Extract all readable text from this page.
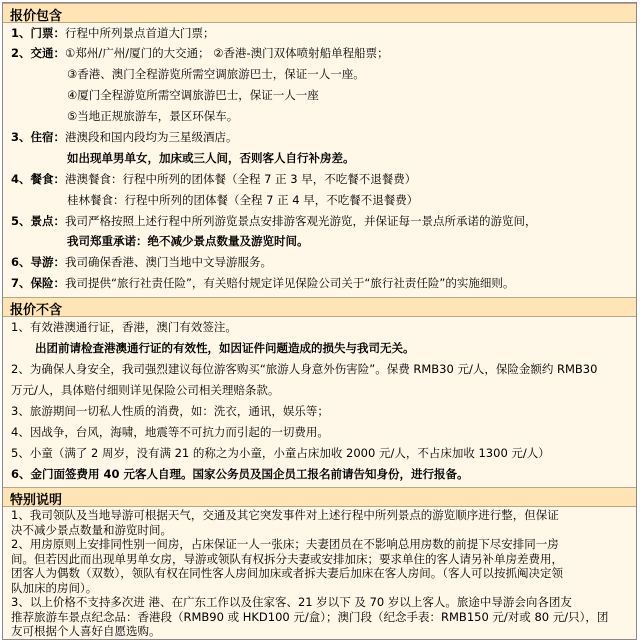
报价包含
1、门票：行程中所列景点首道大门票；
2、交通：①郑州/广州/厦门的大交通； ②香港-澳门双体喷射船单程船票；
③香港、澳门全程游览所需空调旅游巴士，保证一人一座。
④厦门全程游览所需空调旅游巴士，保证一人一座
⑤当地正规旅游车，景区环保车。
3、住宿：港澳段和国内段均为三星级酒店。
如出现单男单女，加床或三人间，否则客人自行补房差。
4、餐食：港澳餐食：行程中所列的团体餐（全程 7 正 3 早，不吃餐不退餐费）
桂林餐食：行程中所列的团体餐（全程 7 正 4 早，不吃餐不退餐费）
5、景点：我司严格按照上述行程中所列游览景点安排游客观光游览，并保证每一景点所承诺的游览间，
我司郑重承诺：绝不减少景点数量及游览时间。
6、导游：我司确保香港、澳门当地中文导游服务。
7、保险：我司提供“旅行社责任险”，有关赔付规定详见保险公司关于“旅行社责任险”的实施细则。
报价不含
1、有效港澳通行证，香港，澳门有效签注。
出团前请检查港澳通行证的有效性，如因证件问题造成的损失与我司无关。
2、为确保人身安全，我司强烈建议每位游客购买“旅游人身意外伤害险”。保费 RMB30 元/人，保险金额约 RMB30
万元/人，具体赔付细则详见保险公司相关理赔条款。
3、旅游期间一切私人性质的消费，如：洗衣，通讯，娱乐等；
4、因战争，台风，海啸，地震等不可抗力而引起的一切费用。
5、小童（满了 2 周岁，没有满 21 的称之为小童，小童占床加收 2000 元/人，不占床加收 1300 元/人）
6、金门面签费用 40 元客人自理。国家公务员及国企员工报名前请告知身份，进行报备。
特别说明
1、我司领队及当地导游可根据天气，交通及其它突发事件对上述行程中所列景点的游览顺序进行整，但保证
决不减少景点数量和游览时间。
2、用房原则上安排同性别一间房，占床保证一人一张床；夫妻团员在不影响总用房数的前提下尽安排同一房
间。但若因此而出现单男单女房，导游或领队有权拆分夫妻或安排加床；要求单住的客人请另补单房差费用，
团客人为偶数（双数），领队有权在同性客人房间加床或者拆夫妻后加床在客人房间。（客人可以按抓阄决定领
队加床的房间）。
3、以上价格不支持多次进 港、在广东工作以及住家客、21 岁以下 及 70 岁以上客人。旅途中导游会向各团友
推荐旅游车景点纪念品：香港段（RMB90 或 HKD100 元/盒）；澳门段（纪念手表：RMB150 元/对或 80 元/只），团
友可根据个人喜好自愿选购。
